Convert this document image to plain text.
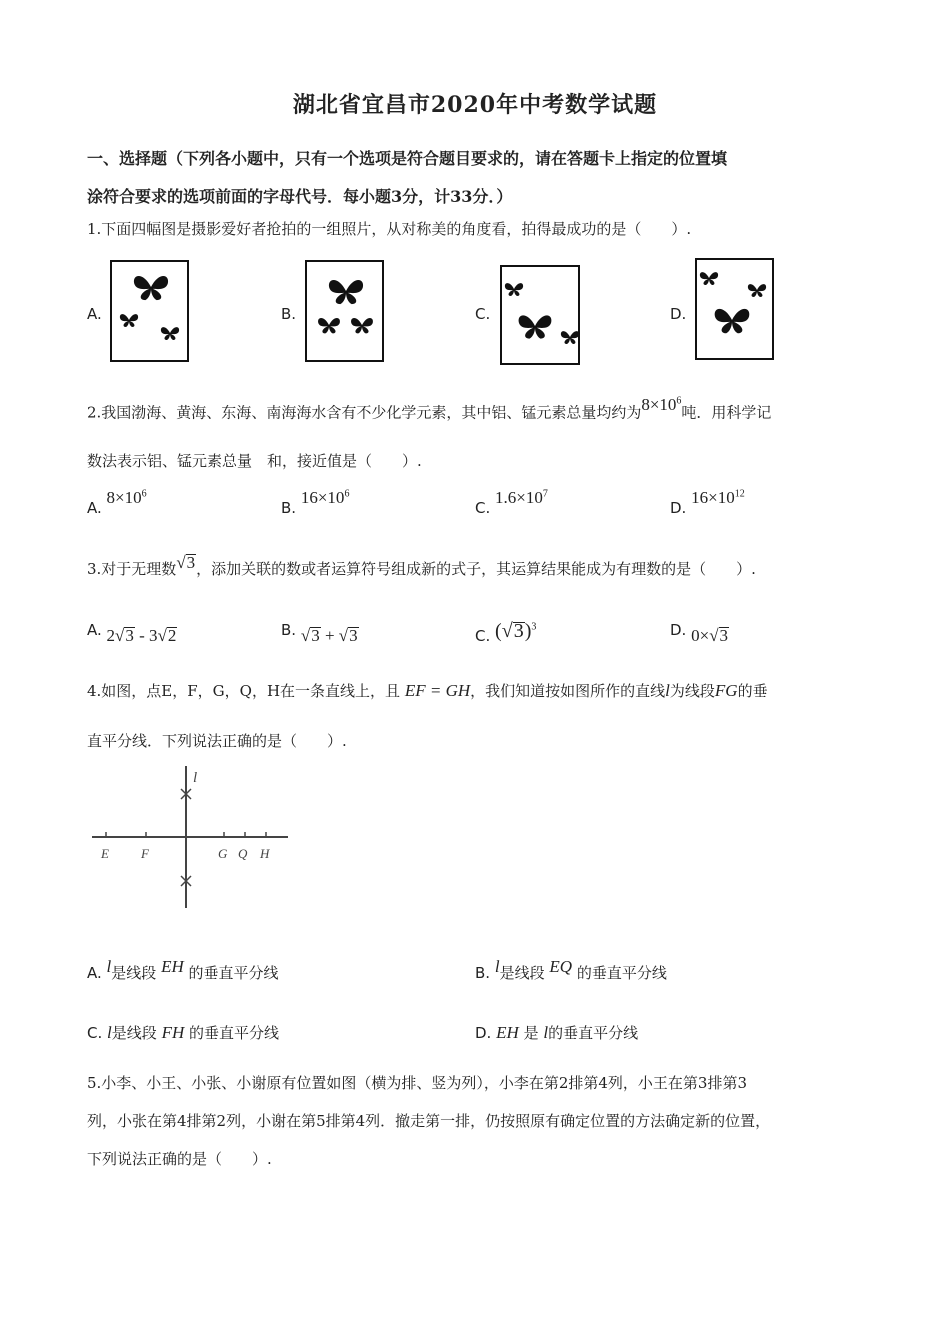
湖北省宜昌市2020年中考数学试题
一、选择题（下列各小题中，只有一个选项是符合题目要求的，请在答题卡上指定的位置填
涂符合要求的选项前面的字母代号．每小题3分，计33分．）
1.下面四幅图是摄影爱好者抢拍的一组照片，从对称美的角度看，拍得最成功的是（　　）.
A.	B.	C.	D.
2.我国渤海、黄海、东海、南海海水含有不少化学元素，其中铝、锰元素总量均约为$8\times 10^6$吨．用科学记
数法表示铝、锰元素总量　和，接近值是（　　）.
A. $8\times 10^6$
B. $16\times 10^6$
C. $1.6\times 10^7$
D. $16\times 10^{12}$
3.对于无理数√3，添加关联的数或者运算符号组成新的式子，其运算结果能成为有理数的是（　　）.
A. 2√3 - 3√2	B. √3 + √3	C. $(√3)^3$	D. 0×√3
4.如图，点E，F，G，Q，H在一条直线上，且 EF = GH，我们知道按如图所作的直线l为线段FG的垂
直平分线．下列说法正确的是（　　）.
l
E F	G Q H
A. l是线段 EH 的垂直平分线	B. l是线段 EQ 的垂直平分线
C. l是线段 FH 的垂直平分线	D. EH 是 l的垂直平分线
5.小李、小王、小张、小谢原有位置如图（横为排、竖为列），小李在第2排第4列，小王在第3排第3
列，小张在第4排第2列，小谢在第5排第4列．撤走第一排，仍按照原有确定位置的方法确定新的位置，
下列说法正确的是（　　）.
